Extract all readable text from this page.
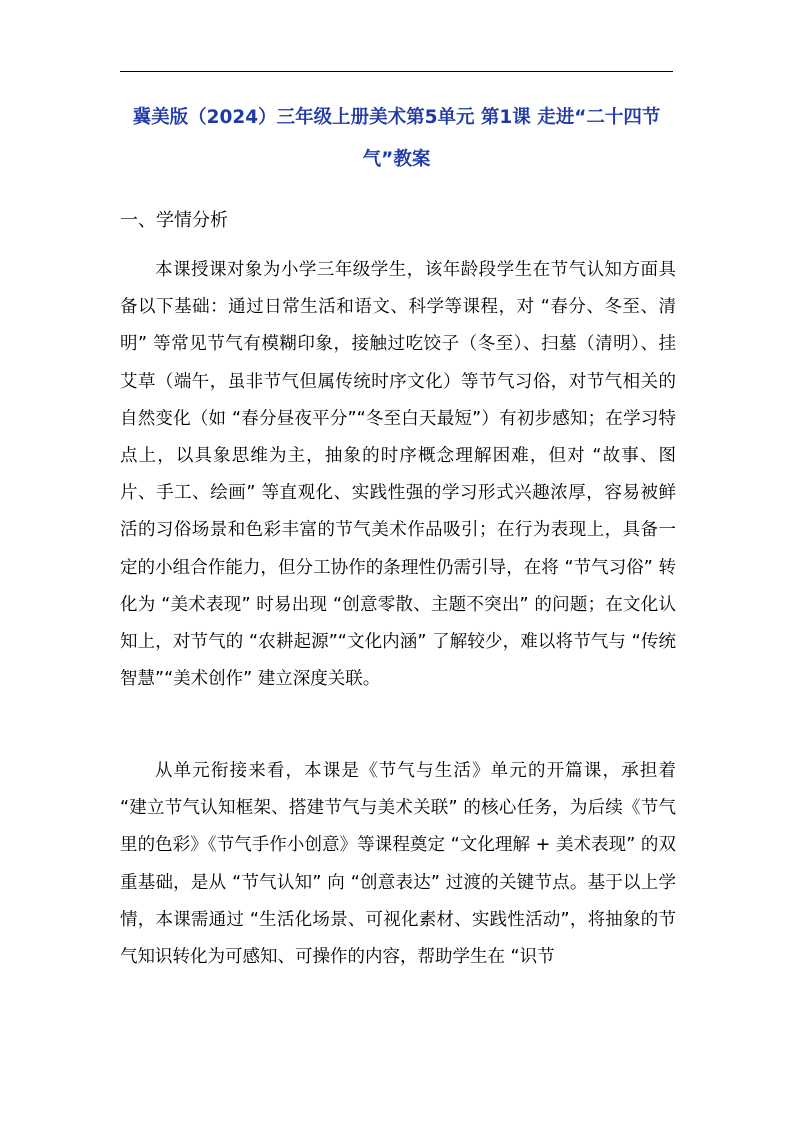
冀美版（2024）三年级上册美术第5单元 第1课 走进“二十四节气”教案
一、学情分析

本课授课对象为小学三年级学生，该年龄段学生在节气认知方面具备以下基础：通过日常生活和语文、科学等课程，对 “春分、冬至、清明” 等常见节气有模糊印象，接触过吃饺子（冬至）、扫墓（清明）、挂艾草（端午，虽非节气但属传统时序文化）等节气习俗，对节气相关的自然变化（如 “春分昼夜平分”“冬至白天最短”）有初步感知；在学习特点上，以具象思维为主，抽象的时序概念理解困难，但对 “故事、图片、手工、绘画” 等直观化、实践性强的学习形式兴趣浓厚，容易被鲜活的习俗场景和色彩丰富的节气美术作品吸引；在行为表现上，具备一定的小组合作能力，但分工协作的条理性仍需引导，在将 “节气习俗” 转化为 “美术表现” 时易出现 “创意零散、主题不突出” 的问题；在文化认知上，对节气的 “农耕起源”“文化内涵” 了解较少，难以将节气与 “传统智慧”“美术创作” 建立深度关联。

从单元衔接来看，本课是《节气与生活》单元的开篇课，承担着 “建立节气认知框架、搭建节气与美术关联” 的核心任务，为后续《节气里的色彩》《节气手作小创意》等课程奠定 “文化理解 + 美术表现” 的双重基础，是从 “节气认知” 向 “创意表达” 过渡的关键节点。基于以上学情，本课需通过 “生活化场景、可视化素材、实践性活动”，将抽象的节气知识转化为可感知、可操作的内容，帮助学生在 “识节
